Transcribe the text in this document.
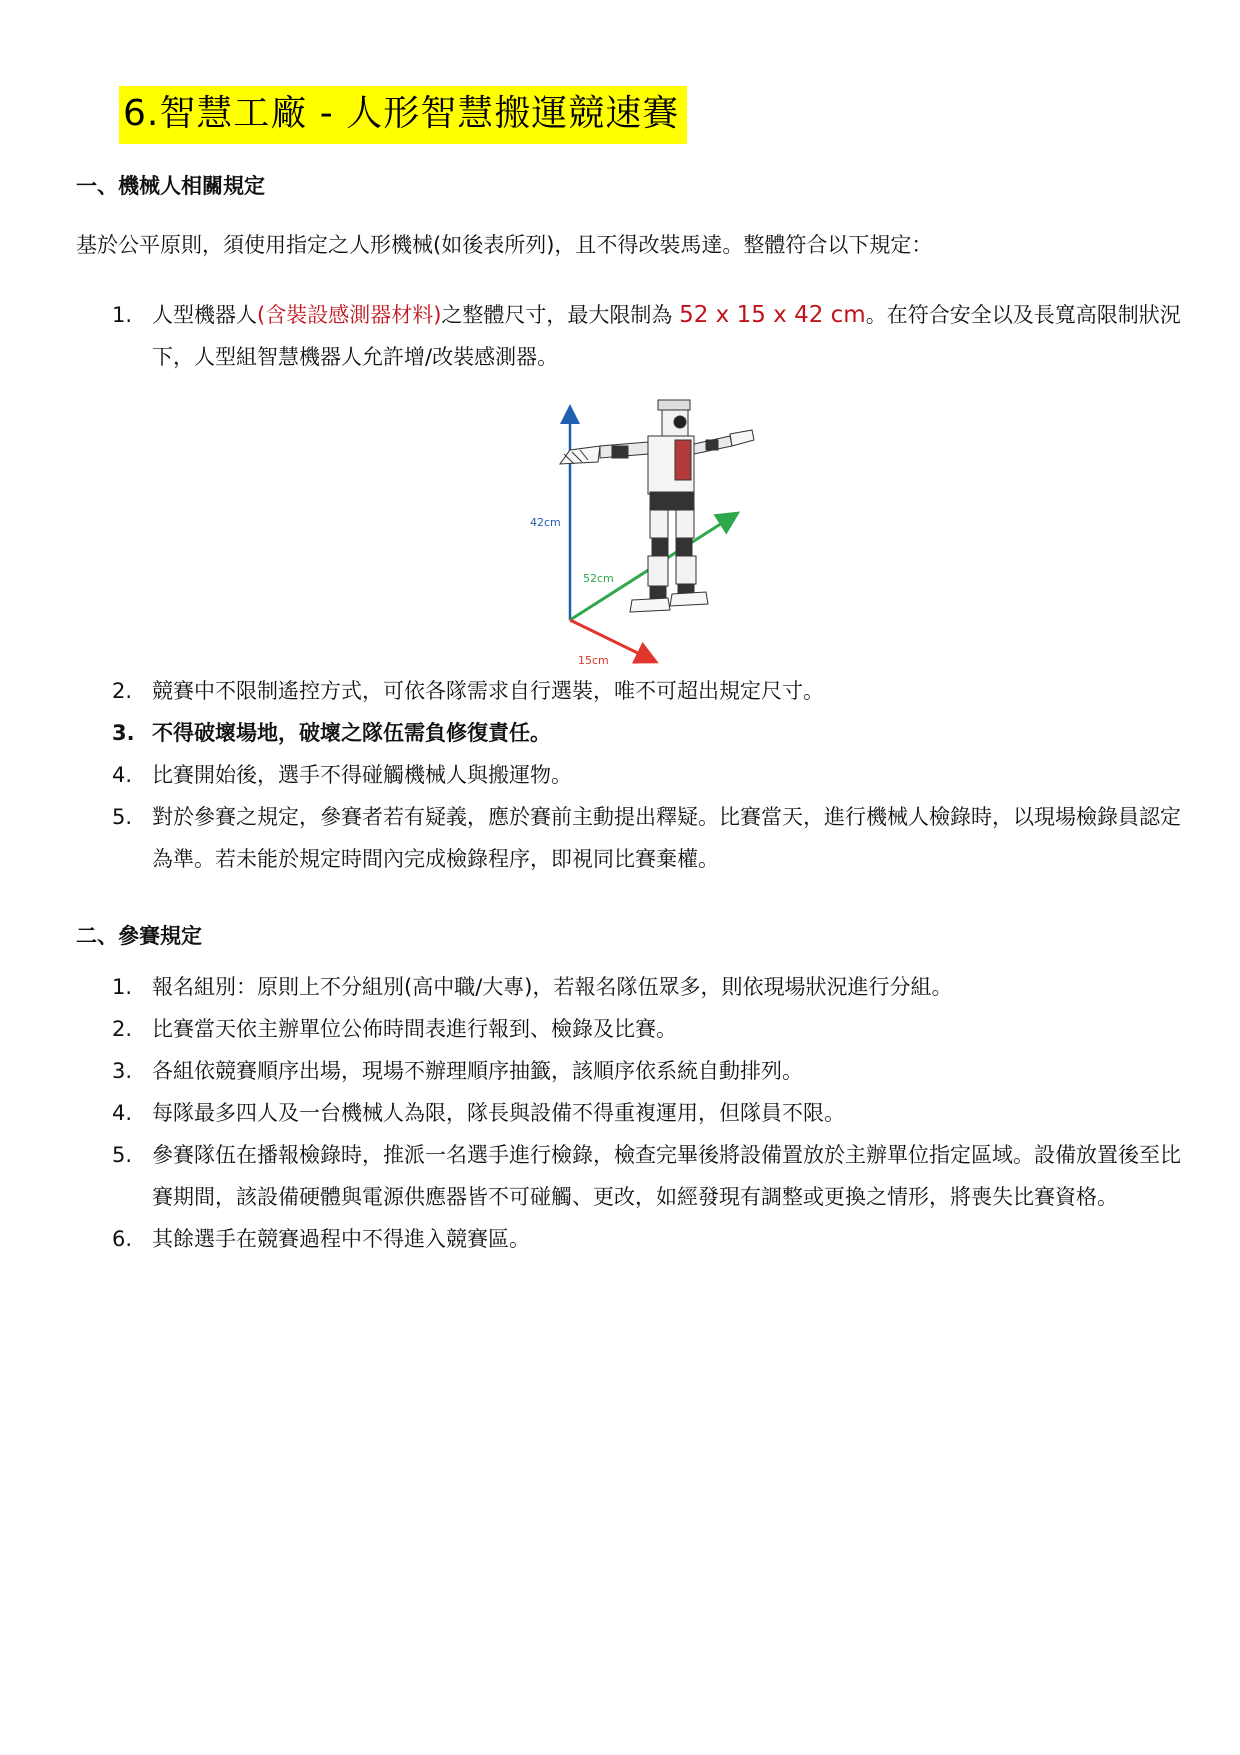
6.智慧工廠 - 人形智慧搬運競速賽
一、機械人相關規定
基於公平原則，須使用指定之人形機械(如後表所列)，且不得改裝馬達。整體符合以下規定：
1. 人型機器人(含裝設感測器材料)之整體尺寸，最大限制為 52 x 15 x 42 cm。在符合安全以及長寬高限制狀況下，人型組智慧機器人允許增/改裝感測器。
42cm
52cm
15cm
2. 競賽中不限制遙控方式，可依各隊需求自行選裝，唯不可超出規定尺寸。
3. 不得破壞場地，破壞之隊伍需負修復責任。
4. 比賽開始後，選手不得碰觸機械人與搬運物。
5. 對於參賽之規定，參賽者若有疑義，應於賽前主動提出釋疑。比賽當天，進行機械人檢錄時，以現場檢錄員認定為準。若未能於規定時間內完成檢錄程序，即視同比賽棄權。
二、參賽規定
1. 報名組別：原則上不分組別(高中職/大專)，若報名隊伍眾多，則依現場狀況進行分組。
2. 比賽當天依主辦單位公佈時間表進行報到、檢錄及比賽。
3. 各組依競賽順序出場，現場不辦理順序抽籤，該順序依系統自動排列。
4. 每隊最多四人及一台機械人為限，隊長與設備不得重複運用，但隊員不限。
5. 參賽隊伍在播報檢錄時，推派一名選手進行檢錄，檢查完畢後將設備置放於主辦單位指定區域。設備放置後至比賽期間，該設備硬體與電源供應器皆不可碰觸、更改，如經發現有調整或更換之情形，將喪失比賽資格。
6. 其餘選手在競賽過程中不得進入競賽區。
